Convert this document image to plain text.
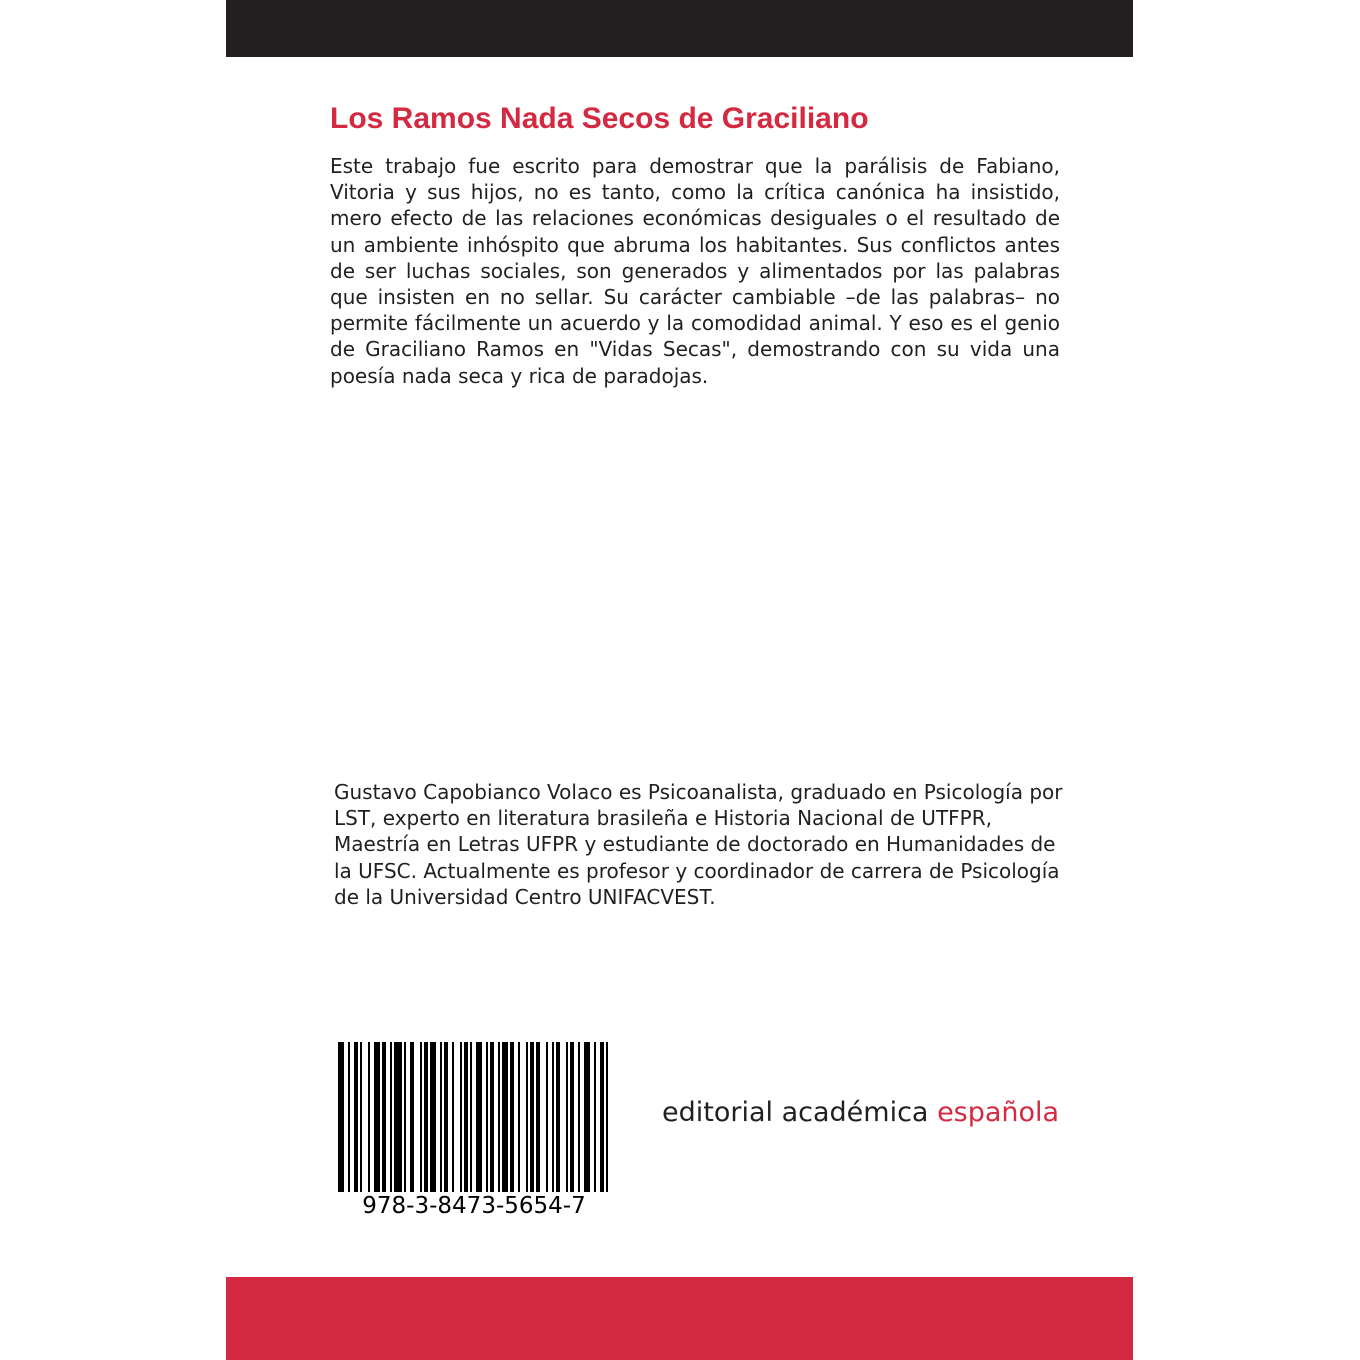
Los Ramos Nada Secos de Graciliano

Este trabajo fue escrito para demostrar que la parálisis de Fabiano, Vitoria y sus hijos, no es tanto, como la crítica canónica ha insistido, mero efecto de las relaciones económicas desiguales o el resultado de un ambiente inhóspito que abruma los habitantes. Sus conflictos antes de ser luchas sociales, son generados y alimentados por las palabras que insisten en no sellar. Su carácter cambiable –de las palabras– no permite fácilmente un acuerdo y la comodidad animal. Y eso es el genio de Graciliano Ramos en "Vidas Secas", demostrando con su vida una poesía nada seca y rica de paradojas.

Gustavo Capobianco Volaco es Psicoanalista, graduado en Psicología por LST, experto en literatura brasileña e Historia Nacional de UTFPR, Maestría en Letras UFPR y estudiante de doctorado en Humanidades de la UFSC. Actualmente es profesor y coordinador de carrera de Psicología de la Universidad Centro UNIFACVEST.

978-3-8473-5654-7
editorial académica española
